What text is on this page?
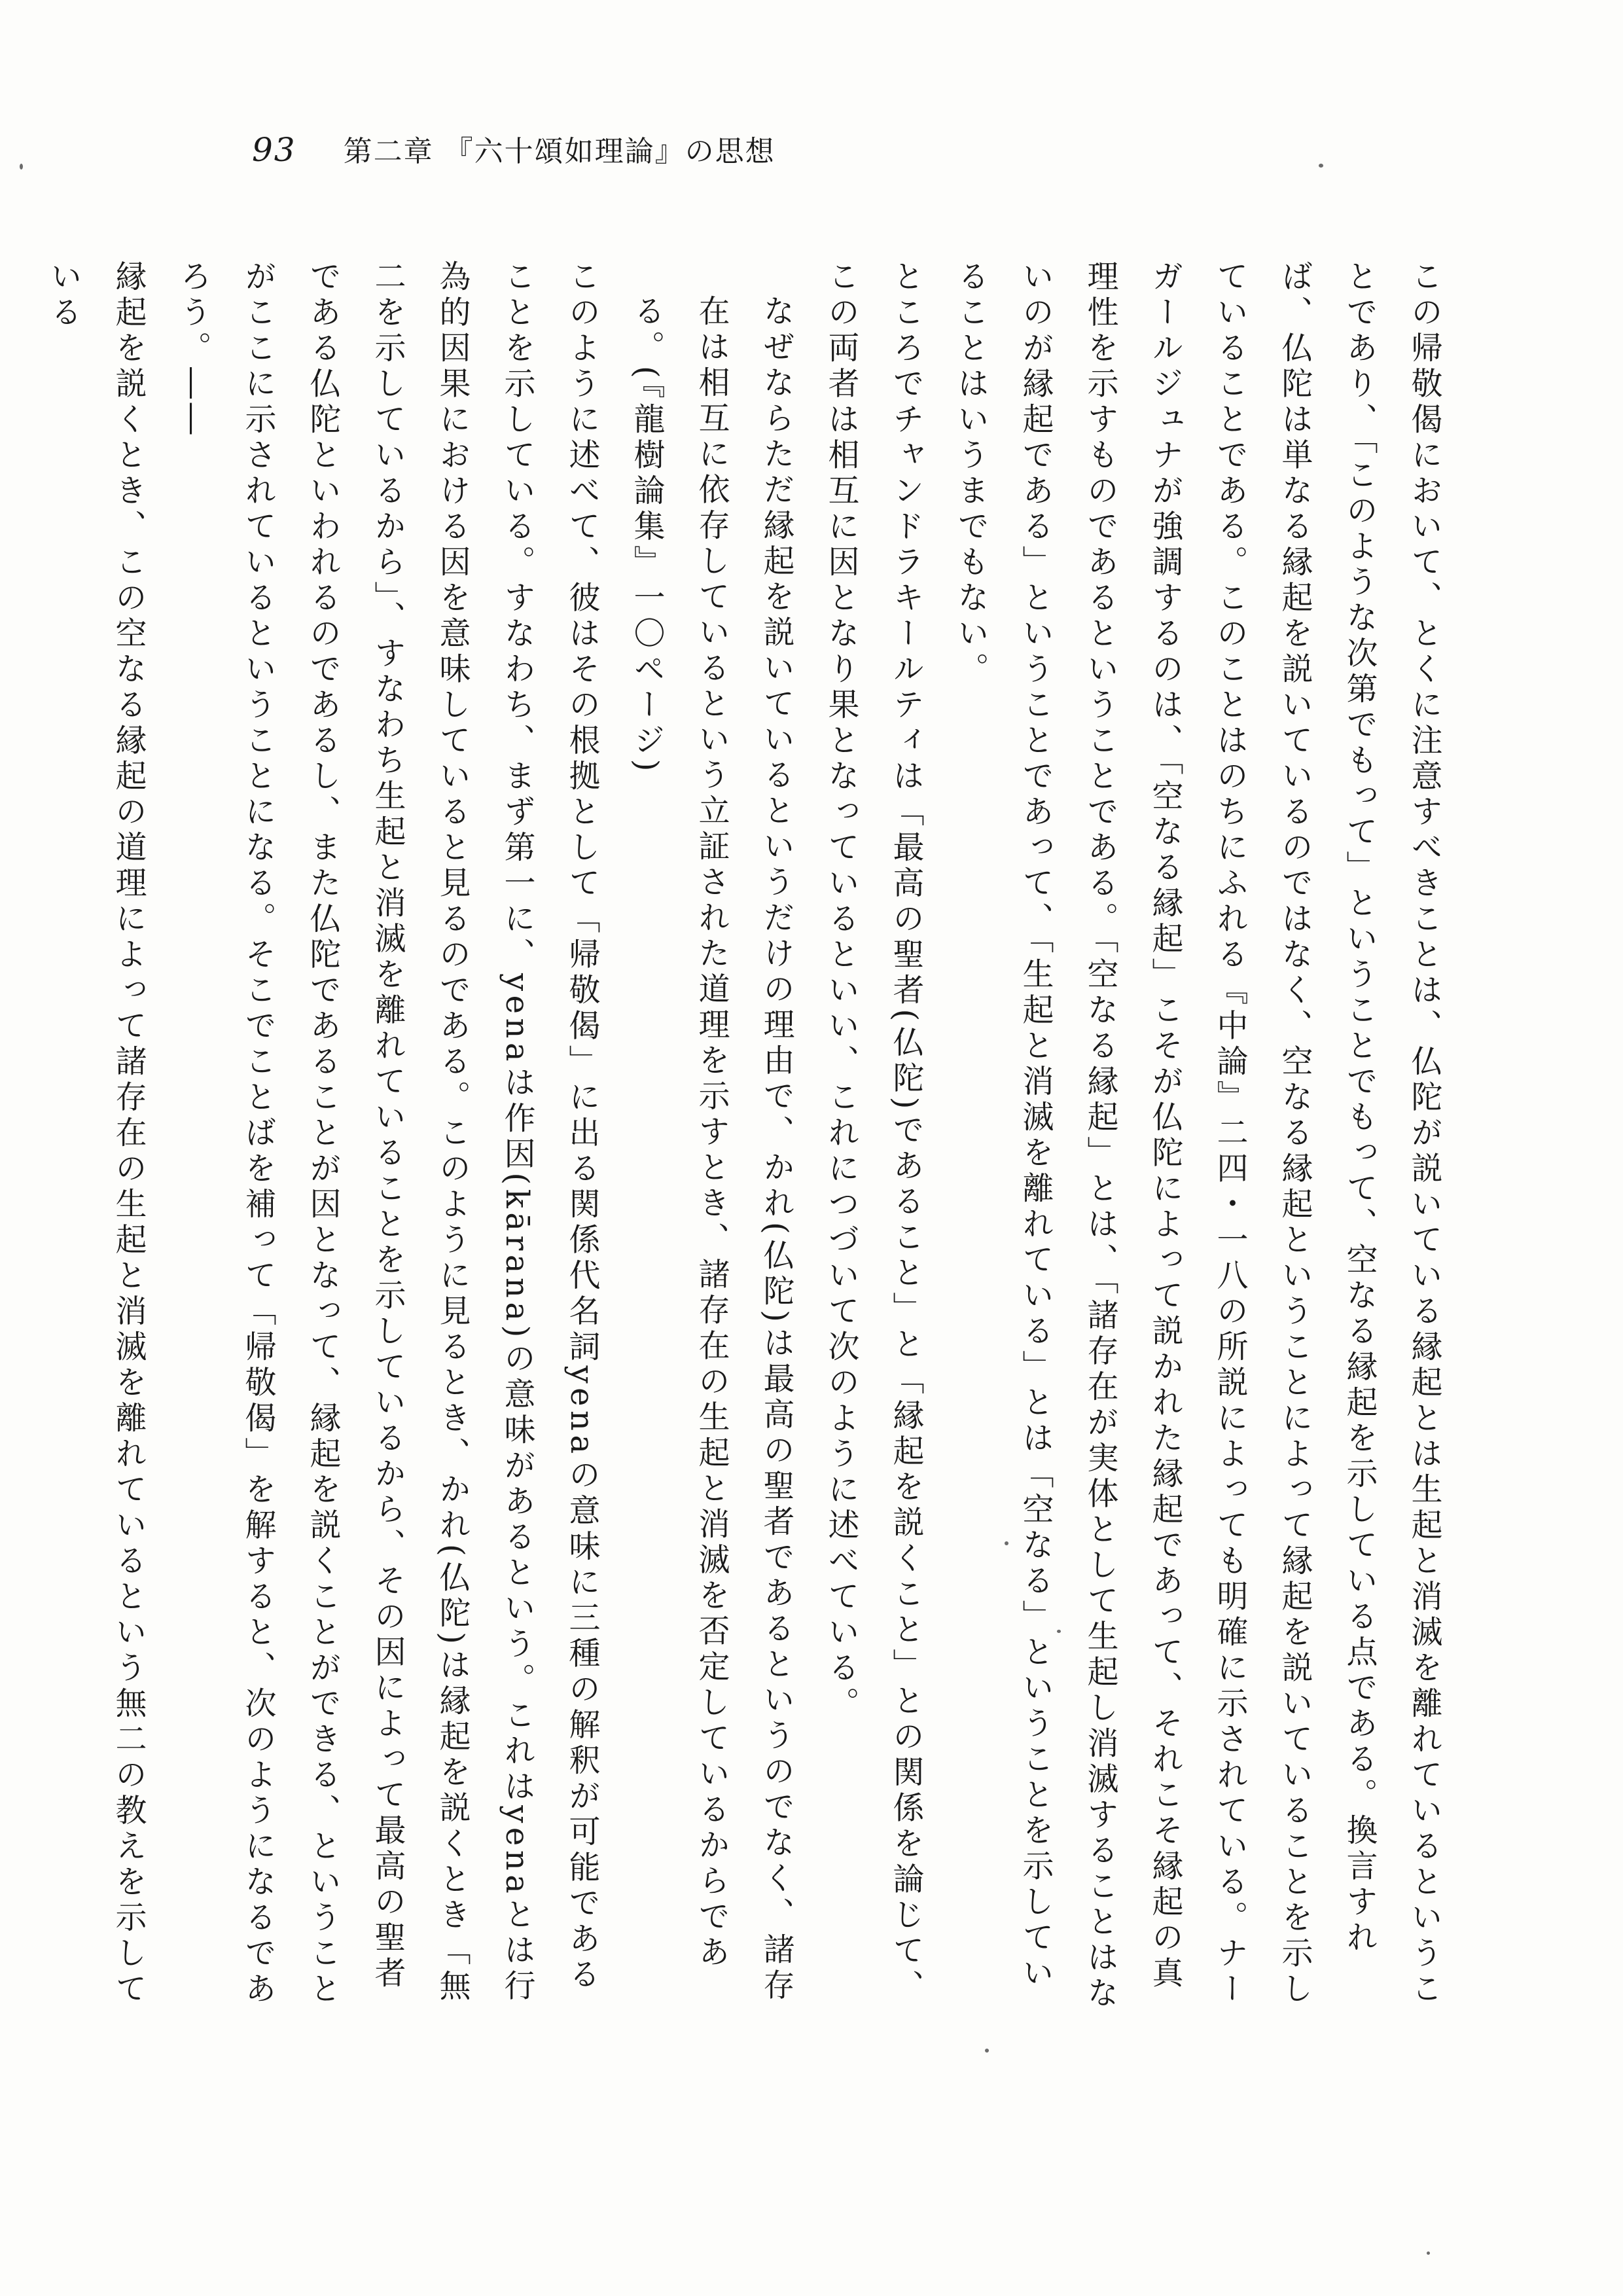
93 第二章 『六十頌如理論』の思想

この帰敬偈において、とくに注意すべきことは、仏陀が説いている縁起とは生起と消滅を離れているということであり、「このような次第でもって」ということでもって、空なる縁起を示している点である。換言すれば、仏陀は単なる縁起を説いているのではなく、空なる縁起ということによって縁起を説いていることを示していることである。このことはのちにふれる『中論』二四・一八の所説によっても明確に示されている。ナーガールジュナが強調するのは、「空なる縁起」こそが仏陀によって説かれた縁起であって、それこそ縁起の真理性を示すものであるということである。「空なる縁起」とは、「諸存在が実体として生起し消滅することはないのが縁起である」ということであって、「生起と消滅を離れている」とは「空なる」ということを示していることはいうまでもない。

ところでチャンドラキールティは「最高の聖者(仏陀)であること」と「縁起を説くこと」との関係を論じて、この両者は相互に因となり果となっているといい、これにつづいて次のように述べている。

なぜならただ縁起を説いているというだけの理由で、かれ(仏陀)は最高の聖者であるというのでなく、諸存在は相互に依存しているという立証された道理を示すとき、諸存在の生起と消滅を否定しているからである。(『龍樹論集』一〇ページ)

このように述べて、彼はその根拠として「帰敬偈」に出る関係代名詞yenaの意味に三種の解釈が可能であることを示している。すなわち、まず第一に、yenaは作因(kārana)の意味があるという。これはyenaとは行為的因果における因を意味していると見るのである。このように見るとき、かれ(仏陀)は縁起を説くとき「無二を示しているから」、すなわち生起と消滅を離れていることを示しているから、その因によって最高の聖者である仏陀といわれるのであるし、また仏陀であることが因となって、縁起を説くことができる、ということがここに示されているということになる。そこでことばを補って「帰敬偈」を解すると、次のようになるであろう。――

縁起を説くとき、この空なる縁起の道理によって諸存在の生起と消滅を離れているという無二の教えを示している
